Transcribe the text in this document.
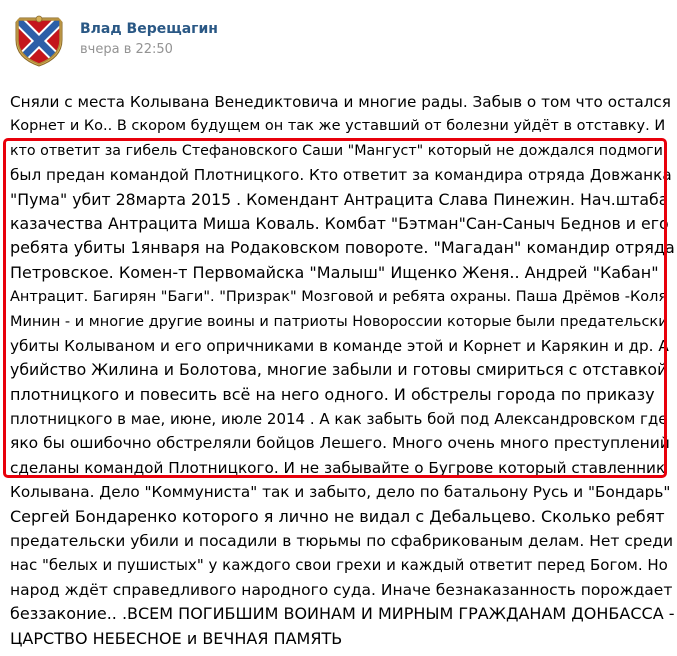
Влад Верещагин
вчера в 22:50
Сняли с места Колывана Венедиктовича и многие рады. Забыв о том что остался
Корнет и Ко.. В скором будущем он так же уставший от болезни уйдёт в отставку. И
кто ответит за гибель Стефановского Саши "Мангуст" который не дождался подмоги,
был предан командой Плотницкого. Кто ответит за командира отряда Довжанка
"Пума" убит 28марта 2015 . Комендант Антрацита Слава Пинежин. Нач.штаба
казачества Антрацита Миша Коваль. Комбат "Бэтман"Сан-Саныч Беднов и его
ребята убиты 1января на Родаковском повороте. "Магадан" командир отряда
Петровское. Комен-т Первомайска "Малыш" Ищенко Женя.. Андрей "Кабан"
Антрацит. Багирян "Баги". "Призрак" Мозговой и ребята охраны. Паша Дрёмов -Коля
Минин - и многие другие воины и патриоты Новороссии которые были предательски
убиты Колываном и его опричниками в команде этой и Корнет и Карякин и др. А
убийство Жилина и Болотова, многие забыли и готовы смириться с отставкой
плотницкого и повесить всё на него одного. И обстрелы города по приказу
плотницкого в мае, июне, июле 2014 . А как забыть бой под Александровском где
яко бы ошибочно обстреляли бойцов Лешего. Много очень много преступлений
сделаны командой Плотницкого. И не забывайте о Бугрове который ставленник
Колывана. Дело "Коммуниста" так и забыто, дело по батальону Русь и "Бондарь"
Сергей Бондаренко которого я лично не видал с Дебальцево. Сколько ребят
предательски убили и посадили в тюрьмы по сфабрикованым делам. Нет среди
нас "белых и пушистых" у каждого свои грехи и каждый ответит перед Богом. Но
народ ждёт справедливого народного суда. Иначе безнаказанность порождает
беззаконие.. .ВСЕМ ПОГИБШИМ ВОИНАМ И МИРНЫМ ГРАЖДАНАМ ДОНБАССА -
ЦАРСТВО НЕБЕСНОЕ и ВЕЧНАЯ ПАМЯТЬ
